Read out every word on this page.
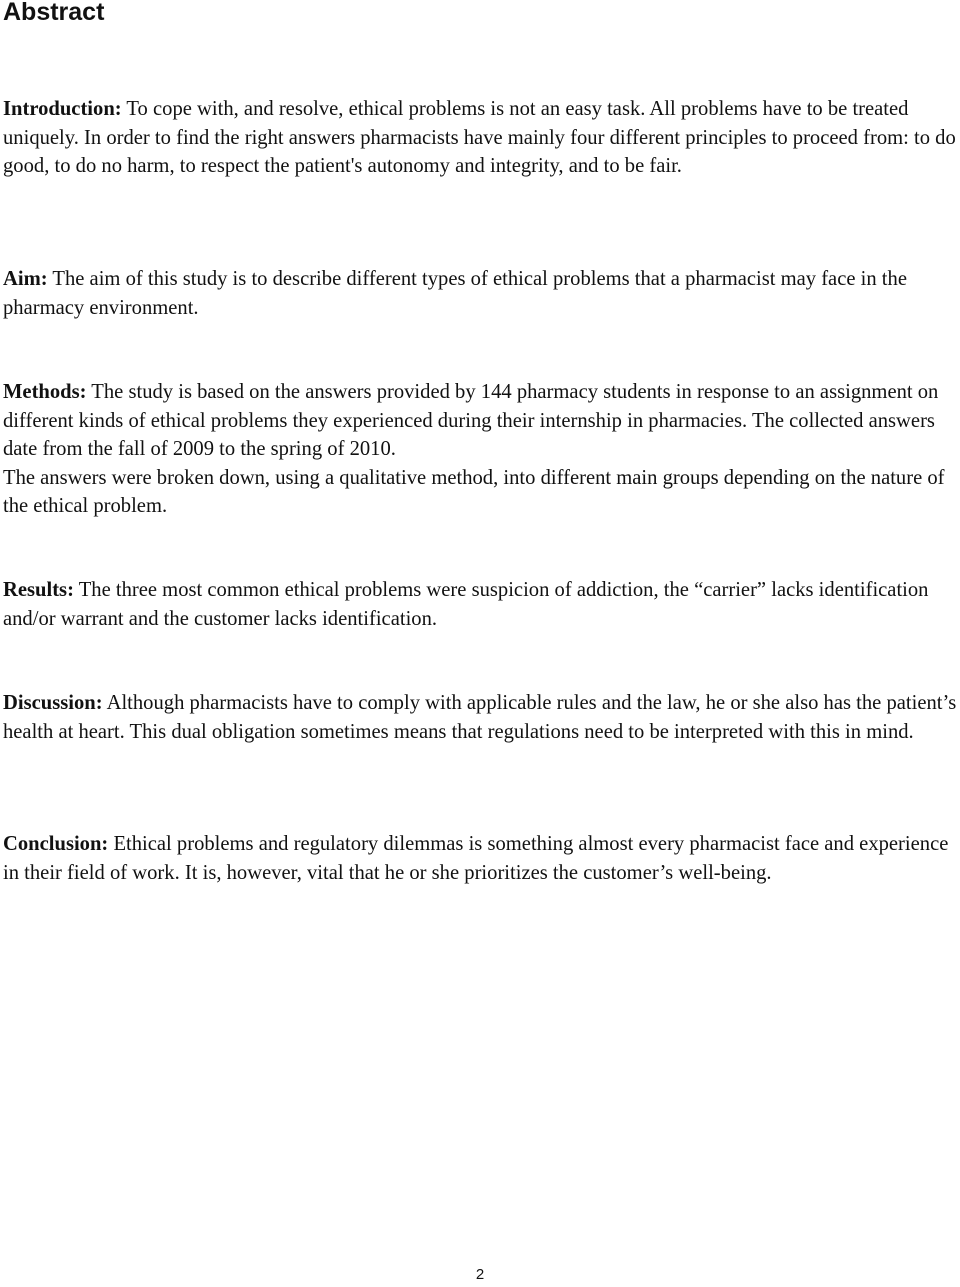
Abstract

Introduction: To cope with, and resolve, ethical problems is not an easy task. All problems have to be treated uniquely. In order to find the right answers pharmacists have mainly four different principles to proceed from: to do good, to do no harm, to respect the patient's autonomy and integrity, and to be fair.

Aim: The aim of this study is to describe different types of ethical problems that a pharmacist may face in the pharmacy environment.

Methods: The study is based on the answers provided by 144 pharmacy students in response to an assignment on different kinds of ethical problems they experienced during their internship in pharmacies. The collected answers date from the fall of 2009 to the spring of 2010.
The answers were broken down, using a qualitative method, into different main groups depending on the nature of the ethical problem.

Results: The three most common ethical problems were suspicion of addiction, the “carrier” lacks identification and/or warrant and the customer lacks identification.

Discussion: Although pharmacists have to comply with applicable rules and the law, he or she also has the patient’s health at heart. This dual obligation sometimes means that regulations need to be interpreted with this in mind.

Conclusion: Ethical problems and regulatory dilemmas is something almost every pharmacist face and experience in their field of work. It is, however, vital that he or she prioritizes the customer’s well-being.

2
